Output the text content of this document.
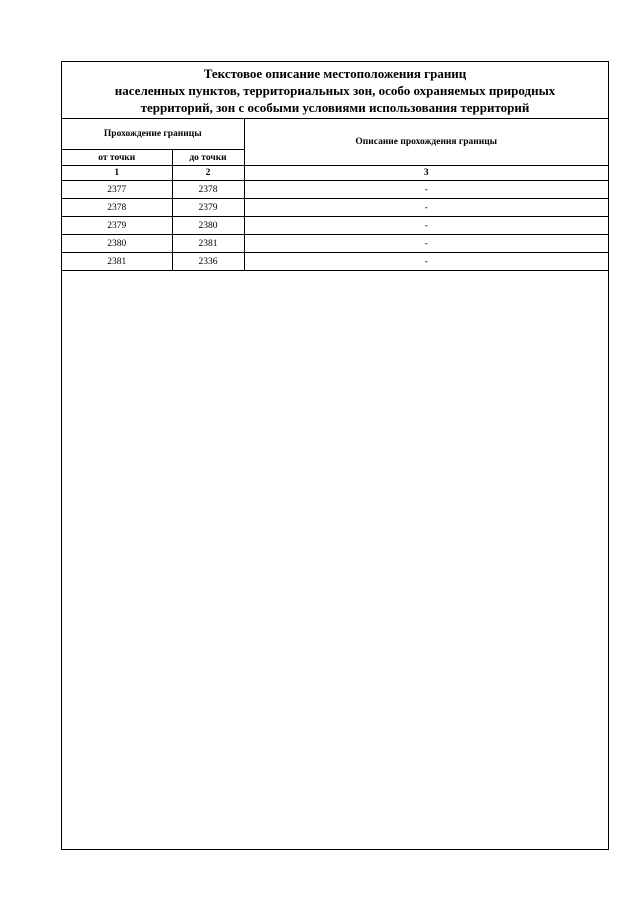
Текстовое описание местоположения границ
населенных пунктов, территориальных зон, особо охраняемых природных
территорий, зон с особыми условиями использования территорий
Прохождение границы		Описание прохождения границы
от точки	до точки	
1	2	3
2377	2378	-
2378	2379	-
2379	2380	-
2380	2381	-
2381	2336	-
